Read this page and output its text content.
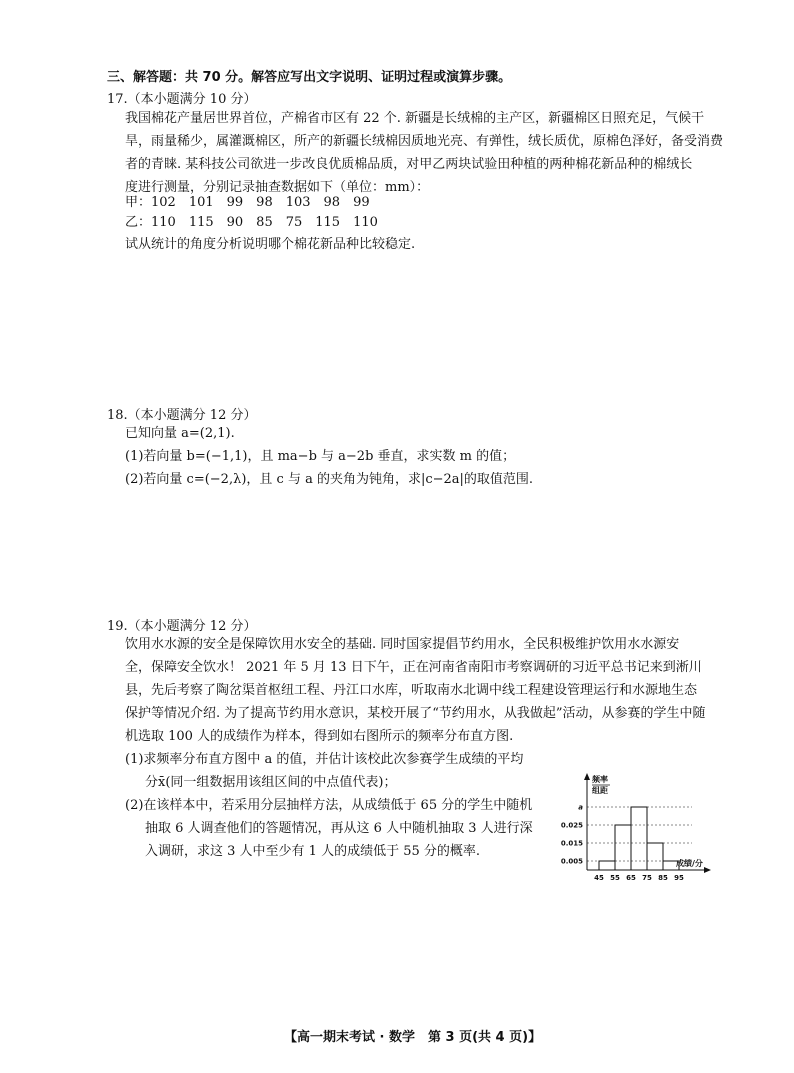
三、解答题：共 70 分。解答应写出文字说明、证明过程或演算步骤。
17.（本小题满分 10 分）
我国棉花产量居世界首位，产棉省市区有 22 个. 新疆是长绒棉的主产区，新疆棉区日照充足，气候干
旱，雨量稀少，属灌溉棉区，所产的新疆长绒棉因质地光亮、有弹性，绒长质优，原棉色泽好，备受消费
者的青睐. 某科技公司欲进一步改良优质棉品质，对甲乙两块试验田种植的两种棉花新品种的棉绒长
度进行测量，分别记录抽查数据如下（单位：mm）：
甲：102　101　99　98　103　98　99
乙：110　115　90　85　75　115　110
试从统计的角度分析说明哪个棉花新品种比较稳定.
18.（本小题满分 12 分）
已知向量 a=(2,1).
(1)若向量 b=(−1,1)，且 ma−b 与 a−2b 垂直，求实数 m 的值；
(2)若向量 c=(−2,λ)，且 c 与 a 的夹角为钝角，求|c−2a|的取值范围.
19.（本小题满分 12 分）
饮用水水源的安全是保障饮用水安全的基础. 同时国家提倡节约用水，全民积极维护饮用水水源安
全，保障安全饮水！ 2021 年 5 月 13 日下午，正在河南省南阳市考察调研的习近平总书记来到淅川
县，先后考察了陶岔渠首枢纽工程、丹江口水库，听取南水北调中线工程建设管理运行和水源地生态
保护等情况介绍. 为了提高节约用水意识，某校开展了“节约用水，从我做起”活动，从参赛的学生中随
机选取 100 人的成绩作为样本，得到如右图所示的频率分布直方图.
(1)求频率分布直方图中 a 的值，并估计该校此次参赛学生成绩的平均
分x̄(同一组数据用该组区间的中点值代表)；
(2)在该样本中，若采用分层抽样方法，从成绩低于 65 分的学生中随机
抽取 6 人调查他们的答题情况，再从这 6 人中随机抽取 3 人进行深
入调研，求这 3 人中至少有 1 人的成绩低于 55 分的概率.
频率
组距
成绩/分
45 55 65 75 85 95
0.005
0.015
0.025
a
【高一期末考试 · 数学　第 3 页(共 4 页)】
